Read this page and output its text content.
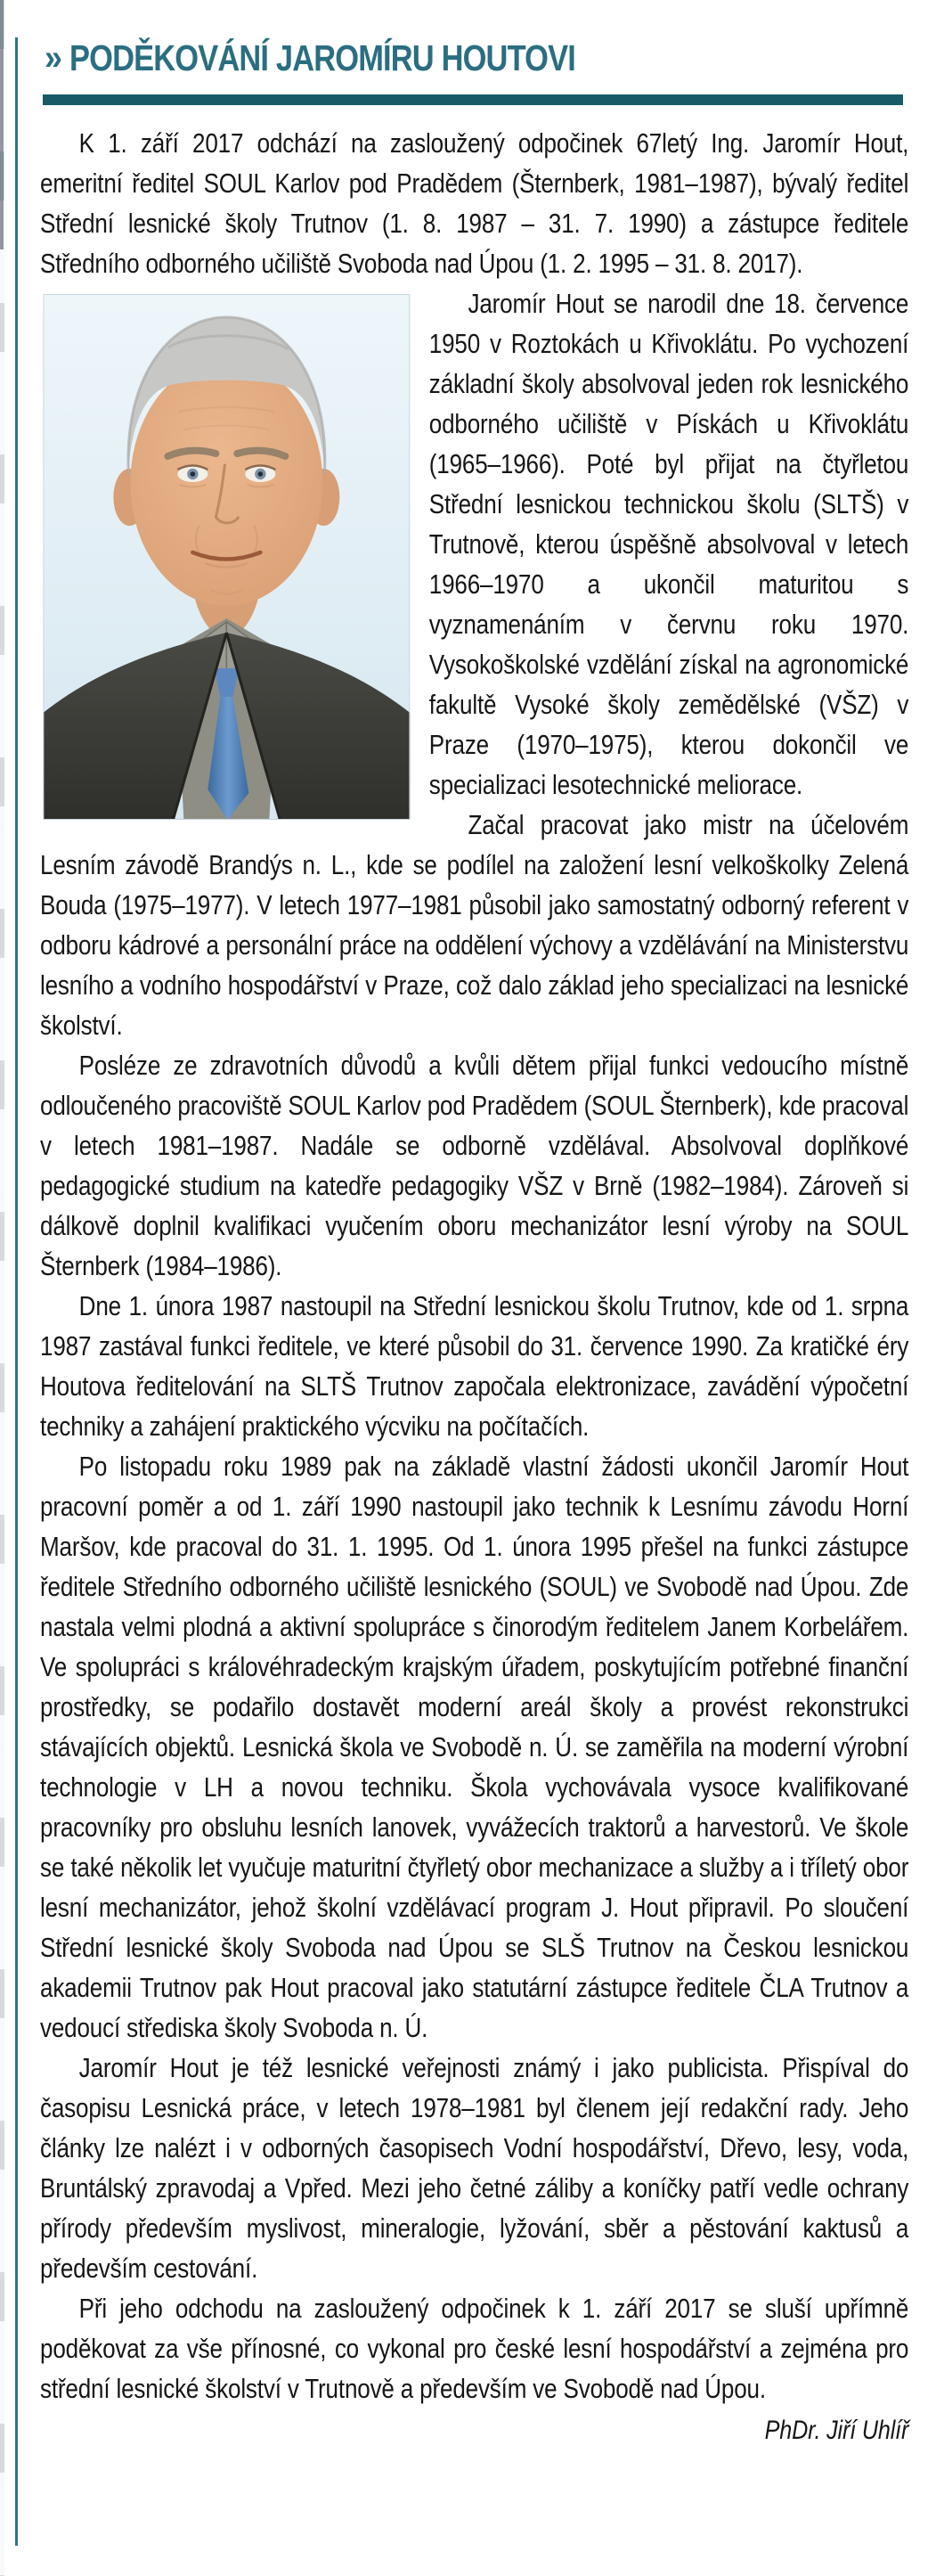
» PODĚKOVÁNÍ JAROMÍRU HOUTOVI

K 1. září 2017 odchází na zasloužený odpočinek 67letý Ing. Jaromír Hout, emeritní ředitel SOUL Karlov pod Pradědem (Šternberk, 1981–1987), bývalý ředitel Střední lesnické školy Trutnov (1. 8. 1987 – 31. 7. 1990) a zástupce ředitele Středního odborného učiliště Svoboda nad Úpou (1. 2. 1995 – 31. 8. 2017).

Jaromír Hout se narodil dne 18. července 1950 v Roztokách u Křivoklátu. Po vychození základní školy absolvoval jeden rok lesnického odborného učiliště v Pískách u Křivoklátu (1965–1966). Poté byl přijat na čtyřletou Střední lesnickou technickou školu (SLTŠ) v Trutnově, kterou úspěšně absolvoval v letech 1966–1970 a ukončil maturitou s vyznamenáním v červnu roku 1970. Vysokoškolské vzdělání získal na agronomické fakultě Vysoké školy zemědělské (VŠZ) v Praze (1970–1975), kterou dokončil ve specializaci lesotechnické meliorace.

Začal pracovat jako mistr na účelovém Lesním závodě Brandýs n. L., kde se podílel na založení lesní velkoškolky Zelená Bouda (1975–1977). V letech 1977–1981 působil jako samostatný odborný referent v odboru kádrové a personální práce na oddělení výchovy a vzdělávání na Ministerstvu lesního a vodního hospodářství v Praze, což dalo základ jeho specializaci na lesnické školství.

Posléze ze zdravotních důvodů a kvůli dětem přijal funkci vedoucího místně odloučeného pracoviště SOUL Karlov pod Pradědem (SOUL Šternberk), kde pracoval v letech 1981–1987. Nadále se odborně vzdělával. Absolvoval doplňkové pedagogické studium na katedře pedagogiky VŠZ v Brně (1982–1984). Zároveň si dálkově doplnil kvalifikaci vyučením oboru mechanizátor lesní výroby na SOUL Šternberk (1984–1986).

Dne 1. února 1987 nastoupil na Střední lesnickou školu Trutnov, kde od 1. srpna 1987 zastával funkci ředitele, ve které působil do 31. července 1990. Za kratičké éry Houtova ředitelování na SLTŠ Trutnov započala elektronizace, zavádění výpočetní techniky a zahájení praktického výcviku na počítačích.

Po listopadu roku 1989 pak na základě vlastní žádosti ukončil Jaromír Hout pracovní poměr a od 1. září 1990 nastoupil jako technik k Lesnímu závodu Horní Maršov, kde pracoval do 31. 1. 1995. Od 1. února 1995 přešel na funkci zástupce ředitele Středního odborného učiliště lesnického (SOUL) ve Svobodě nad Úpou. Zde nastala velmi plodná a aktivní spolupráce s činorodým ředitelem Janem Korbelářem. Ve spolupráci s královéhradeckým krajským úřadem, poskytujícím potřebné finanční prostředky, se podařilo dostavět moderní areál školy a provést rekonstrukci stávajících objektů. Lesnická škola ve Svobodě n. Ú. se zaměřila na moderní výrobní technologie v LH a novou techniku. Škola vychovávala vysoce kvalifikované pracovníky pro obsluhu lesních lanovek, vyvážecích traktorů a harvestorů. Ve škole se také několik let vyučuje maturitní čtyřletý obor mechanizace a služby a i tříletý obor lesní mechanizátor, jehož školní vzdělávací program J. Hout připravil. Po sloučení Střední lesnické školy Svoboda nad Úpou se SLŠ Trutnov na Českou lesnickou akademii Trutnov pak Hout pracoval jako statutární zástupce ředitele ČLA Trutnov a vedoucí střediska školy Svoboda n. Ú.

Jaromír Hout je též lesnické veřejnosti známý i jako publicista. Přispíval do časopisu Lesnická práce, v letech 1978–1981 byl členem její redakční rady. Jeho články lze nalézt i v odborných časopisech Vodní hospodářství, Dřevo, lesy, voda, Bruntálský zpravodaj a Vpřed. Mezi jeho četné záliby a koníčky patří vedle ochrany přírody především myslivost, mineralogie, lyžování, sběr a pěstování kaktusů a především cestování.

Při jeho odchodu na zasloužený odpočinek k 1. září 2017 se sluší upřímně poděkovat za vše přínosné, co vykonal pro české lesní hospodářství a zejména pro střední lesnické školství v Trutnově a především ve Svobodě nad Úpou.

PhDr. Jiří Uhlíř
